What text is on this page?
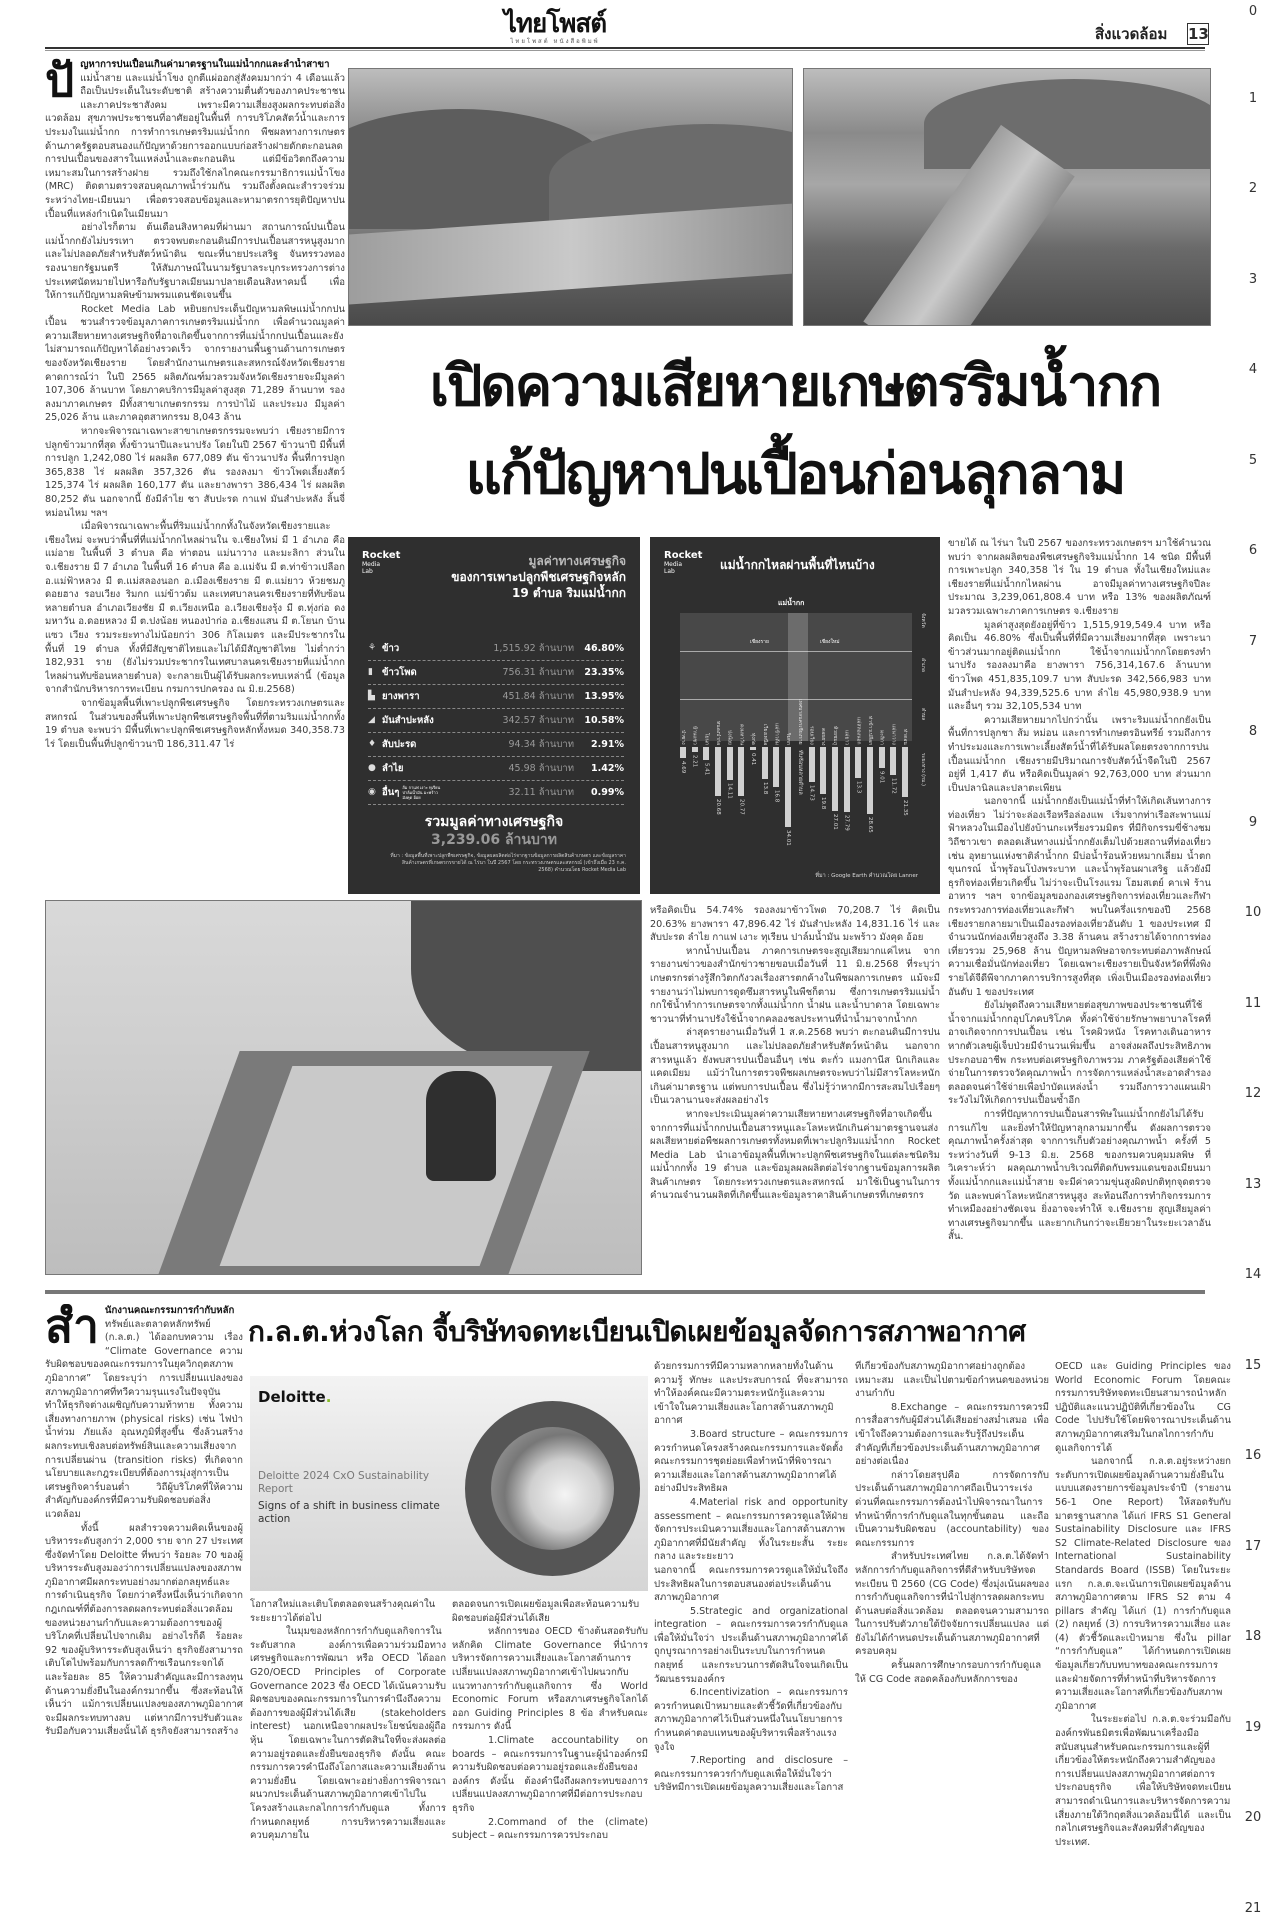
ไทยโพสต์
ไทยโพสต์ หนังสือพิมพ์	สิ่งแวดล้อม 13
0
1
2
3
4
5
6
7
8
9
10
11
12
13
14
15
16
17
18
19
20
21
ปั ญหาการปนเปื้อนเกินค่ามาตรฐานในแม่น้ำกกและลำน้ำสาขา แม่น้ำสาย และแม่น้ำโขง ถูกตีแผ่ออกสู่สังคมมากว่า 4 เดือนแล้ว ถือเป็นประเด็นในระดับชาติ สร้างความตื่นตัวของภาคประชาชนและภาคประชาสังคม เพราะมีความเสี่ยงสูงผลกระทบต่อสิ่งแวดล้อม สุขภาพประชาชนที่อาศัยอยู่ในพื้นที่ การบริโภคสัตว์น้ำและการประมงในแม่น้ำกก การทำการเกษตรริมแม่น้ำกก พืชผลทางการเกษตร ด้านภาครัฐตอบสนองแก้ปัญหาด้วยการออกแบบก่อสร้างฝายดักตะกอนลดการปนเปื้อนของสารในแหล่งน้ำและตะกอนดิน แต่มีข้อวิตกถึงความเหมาะสมในการสร้างฝาย รวมถึงใช้กลไกคณะกรรมาธิการแม่น้ำโขง (MRC) ติดตามตรวจสอบคุณภาพน้ำร่วมกัน รวมถึงตั้งคณะสำรวจร่วมระหว่างไทย-เมียนมา เพื่อตรวจสอบข้อมูลและหามาตรการยุติปัญหาปนเปื้อนที่แหล่งกำเนิดในเมียนมา

อย่างไรก็ตาม ต้นเดือนสิงหาคมที่ผ่านมา สถานการณ์ปนเปื้อนแม่น้ำกกยังไม่บรรเทา ตรวจพบตะกอนดินมีการปนเปื้อนสารหนูสูงมากและไม่ปลอดภัยสำหรับสัตว์หน้าดิน ขณะที่นายประเสริฐ จันทรรวงทอง รองนายกรัฐมนตรี ให้สัมภาษณ์ในนามรัฐบาลระบุกระทรวงการต่างประเทศนัดหมายไปหารือกับรัฐบาลเมียนมาปลายเดือนสิงหาคมนี้ เพื่อให้การแก้ปัญหามลพิษข้ามพรมแดนชัดเจนขึ้น

Rocket Media Lab หยิบยกประเด็นปัญหามลพิษแม่น้ำกกปนเปื้อน ชวนสำรวจข้อมูลภาคการเกษตรริมแม่น้ำกก เพื่อคำนวณมูลค่าความเสียหายทางเศรษฐกิจที่อาจเกิดขึ้นจากการที่แม่น้ำกกปนเปื้อนและยังไม่สามารถแก้ปัญหาได้อย่างรวดเร็ว จากรายงานพื้นฐานด้านการเกษตรของจังหวัดเชียงราย โดยสำนักงานเกษตรและสหกรณ์จังหวัดเชียงราย คาดการณ์ว่า ในปี 2565 ผลิตภัณฑ์มวลรวมจังหวัดเชียงรายจะมีมูลค่า 107,306 ล้านบาท โดยภาคบริการมีมูลค่าสูงสุด 71,289 ล้านบาท รองลงมาภาคเกษตร มีทั้งสาขาเกษตรกรรม การป่าไม้ และประมง มีมูลค่า 25,026 ล้าน และภาคอุตสาหกรรม 8,043 ล้าน

หากจะพิจารณาเฉพาะสาขาเกษตรกรรมจะพบว่า เชียงรายมีการปลูกข้าวมากที่สุด ทั้งข้าวนาปีและนาปรัง โดยในปี 2567 ข้าวนาปี มีพื้นที่การปลูก 1,242,080 ไร่ ผลผลิต 677,089 ตัน ข้าวนาปรัง พื้นที่การปลูก 365,838 ไร่ ผลผลิต 357,326 ตัน รองลงมา ข้าวโพดเลี้ยงสัตว์ 125,374 ไร่ ผลผลิต 160,177 ตัน และยางพารา 386,434 ไร่ ผลผลิต 80,252 ตัน นอกจากนี้ ยังมีลำไย ชา สับปะรด กาแฟ มันสำปะหลัง ลิ้นจี่ หม่อนไหม ฯลฯ

เมื่อพิจารณาเฉพาะพื้นที่ริมแม่น้ำกกทั้งในจังหวัดเชียงรายและเชียงใหม่ จะพบว่าพื้นที่ที่แม่น้ำกกไหลผ่านใน จ.เชียงใหม่ มี 1 อำเภอ คือแม่อาย ในพื้นที่ 3 ตำบล คือ ท่าตอน แม่นาวาง และมะลิกา ส่วนใน จ.เชียงราย มี 7 อำเภอ ในพื้นที่ 16 ตำบล คือ อ.แม่จัน มี ต.ท่าข้าวเปลือก อ.แม่ฟ้าหลวง มี ต.แม่สลองนอก อ.เมืองเชียงราย มี ต.แม่ยาว ห้วยชมภู ดอยฮาง รอบเวียง ริมกก แม่ข้าวต้ม และเทศบาลนครเชียงรายที่ทับซ้อนหลายตำบล อำเภอเวียงชัย มี ต.เวียงเหนือ อ.เวียงเชียงรุ้ง มี ต.ทุ่งก่อ ดงมหาวัน อ.ดอยหลวง มี ต.ปงน้อย หนองป่าก่อ อ.เชียงแสน มี ต.โยนก บ้านแซว เวียง รวมระยะทางไม่น้อยกว่า 306 กิโลเมตร และมีประชากรในพื้นที่ 19 ตำบล ทั้งที่มีสัญชาติไทยและไม่ได้มีสัญชาติไทย ไม่ต่ำกว่า 182,931 ราย (ยังไม่รวมประชากรในเทศบาลนครเชียงรายที่แม่น้ำกกไหลผ่านทับซ้อนหลายตำบล) จะกลายเป็นผู้ได้รับผลกระทบเหล่านี้ (ข้อมูลจากสำนักบริหารการทะเบียน กรมการปกครอง ณ มิ.ย.2568)

จากข้อมูลพื้นที่เพาะปลูกพืชเศรษฐกิจ โดยกระทรวงเกษตรและสหกรณ์ ในส่วนของพื้นที่เพาะปลูกพืชเศรษฐกิจพื้นที่ที่ตามริมแม่น้ำกกทั้ง 19 ตำบล จะพบว่า มีพื้นที่เพาะปลูกพืชเศรษฐกิจหลักทั้งหมด 340,358.73 ไร่ โดยเป็นพื้นที่ปลูกข้าวนาปี 186,311.47 ไร่

เปิดความเสียหายเกษตรริมน้ำกก
แก้ปัญหาปนเปื้อนก่อนลุกลาม
Rocket
Media
Lab
มูลค่าทางเศรษฐกิจ
ของการเพาะปลูกพืชเศรษฐกิจหลัก
19 ตำบล ริมแม่น้ำกก
⚘ ข้าว	1,515.92 ล้านบาท	46.80%
▮ ข้าวโพด	756.31 ล้านบาท	23.35%
▙ ยางพารา	451.84 ล้านบาท	13.95%
◢ มันสำปะหลัง	342.57 ล้านบาท	10.58%
♦ สับปะรด	94.34 ล้านบาท	2.91%
● ลำไย	45.98 ล้านบาท	1.42%
◉ อื่นๆ ส้ม กาแฟ เงาะ ทุเรียน ปาล์มน้ำมัน มะพร้าว มังคุด อ้อย	32.11 ล้านบาท	0.99%
รวมมูลค่าทางเศรษฐกิจ
3,239.06 ล้านบาท
ที่มา : ข้อมูลพื้นที่เพาะปลูกพืชเศรษฐกิจ, ข้อมูลผลผลิตต่อไร่จากฐานข้อมูลการผลิตสินค้าเกษตร และข้อมูลราคาสินค้าเกษตรที่เกษตรกรขายได้ ณ ไร่นา ในปี 2567 โดย กระทรวงเกษตรและสหกรณ์ (เข้าถึงเมื่อ 23 ก.ค. 2568) คำนวณโดย Rocket Media Lab
Rocket
Media
Lab	แม่น้ำกกไหลผ่านพื้นที่ไหนบ้าง
แม่น้ำกก
เชียงราย	เชียงใหม่
จังหวัด
อำเภอ
ตำบล
ระยะทาง (กม.)
ป่าซาง
4.69
บ้านแซว
2.21
โยนก
5.41
หนองป่าก่อ
20.68
ปงน้อย
14.11
ดงมหาวัน
20.77
ทุ่งก่อ
0.41
เวียงเหนือ
13.8
แม่ข้าวต้ม
16.8
ริมกก
34.01
เทศบาลนครเชียงราย
ทับซ้อนหลายตำบล
รอบเวียง
14.73
ดอยฮาง
19.8
ห้วยชมภู
27.01
แม่ยาว
27.79
แม่สลองนอก
13.3
ท่าข้าวเปลือก
28.65
มะลิกา
9.01
แม่นาวาง
11.72
ท่าตอน
21.35
ที่มา : Google Earth คำนวณโดย Lanner

ขายได้ ณ ไร่นา ในปี 2567 ของกระทรวงเกษตรฯ มาใช้คำนวณ พบว่า จากผลผลิตของพืชเศรษฐกิจริมแม่น้ำกก 14 ชนิด มีพื้นที่การเพาะปลูก 340,358 ไร่ ใน 19 ตำบล ทั้งในเชียงใหม่และเชียงรายที่แม่น้ำกกไหลผ่าน อาจมีมูลค่าทางเศรษฐกิจปีละประมาณ 3,239,061,808.4 บาท หรือ 13% ของผลิตภัณฑ์มวลรวมเฉพาะภาคการเกษตร จ.เชียงราย

มูลค่าสูงสุดยังอยู่ที่ข้าว 1,515,919,549.4 บาท หรือคิดเป็น 46.80% ซึ่งเป็นพื้นที่ที่มีความเสี่ยงมากที่สุด เพราะนาข้าวส่วนมากอยู่ติดแม่น้ำกก ใช้น้ำจากแม่น้ำกกโดยตรงทำนาปรัง รองลงมาคือ ยางพารา 756,314,167.6 ล้านบาท ข้าวโพด 451,835,109.7 บาท สับปะรด 342,566,983 บาท มันสำปะหลัง 94,339,525.6 บาท ลำไย 45,980,938.9 บาท และอื่นๆ รวม 32,105,534 บาท

ความเสียหายมากไปกว่านั้น เพราะริมแม่น้ำกกยังเป็นพื้นที่การปลูกชา ส้ม หม่อน และการทำเกษตรอินทรีย์ รวมถึงการทำประมงและการเพาะเลี้ยงสัตว์น้ำที่ได้รับผลโดยตรงจากการปนเปื้อนแม่น้ำกก เชียงรายมีปริมาณการจับสัตว์น้ำจืดในปี 2567 อยู่ที่ 1,417 ตัน หรือคิดเป็นมูลค่า 92,763,000 บาท ส่วนมากเป็นปลานิลและปลาตะเพียน

นอกจากนี้ แม่น้ำกกยังเป็นแม่น้ำที่ทำให้เกิดเส้นทางการท่องเที่ยว ไม่ว่าจะล่องเรือหรือล่องแพ เริ่มจากท่าเรือสะพานแม่ฟ้าหลวงในเมืองไปยังบ้านกะเหรี่ยงรวมมิตร ที่มีกิจกรรมขี่ช้างชมวิถีชาวเขา ตลอดเส้นทางแม่น้ำกกยังเต็มไปด้วยสถานที่ท่องเที่ยว เช่น อุทยานแห่งชาติลำน้ำกก มีบ่อน้ำร้อนห้วยหมากเลี่ยม น้ำตกขุนกรณ์ น้ำพุร้อนโป่งพระบาท และน้ำพุร้อนผาเสริฐ แล้วยังมีธุรกิจท่องเที่ยวเกิดขึ้น ไม่ว่าจะเป็นโรงแรม โฮมสเตย์ คาเฟ่ ร้านอาหาร ฯลฯ จากข้อมูลของกองเศรษฐกิจการท่องเที่ยวและกีฬา กระทรวงการท่องเที่ยวและกีฬา พบในครึ่งแรกของปี 2568 เชียงรายกลายมาเป็นเมืองรองท่องเที่ยวอันดับ 1 ของประเทศ มีจำนวนนักท่องเที่ยวสูงถึง 3.38 ล้านคน สร้างรายได้จากการท่องเที่ยวรวม 25,968 ล้าน ปัญหามลพิษอาจกระทบต่อภาพลักษณ์ ความเชื่อมั่นนักท่องเที่ยว โดยเฉพาะเชียงรายเป็นจังหวัดที่พึ่งพิงรายได้จีดีพีจากภาคการบริการสูงที่สุด เพิ่งเป็นเมืองรองท่องเที่ยวอันดับ 1 ของประเทศ

ยังไม่พูดถึงความเสียหายต่อสุขภาพของประชาชนที่ใช้น้ำจากแม่น้ำกกอุปโภคบริโภค ทั้งค่าใช้จ่ายรักษาพยาบาลโรคที่อาจเกิดจากการปนเปื้อน เช่น โรคผิวหนัง โรคทางเดินอาหาร หากตัวเลขผู้เจ็บป่วยมีจำนวนเพิ่มขึ้น อาจส่งผลถึงประสิทธิภาพประกอบอาชีพ กระทบต่อเศรษฐกิจภาพรวม ภาครัฐต้องเสียค่าใช้จ่ายในการตรวจวัดคุณภาพน้ำ การจัดการแหล่งน้ำสะอาดสำรอง ตลอดจนค่าใช้จ่ายเพื่อบำบัดแหล่งน้ำ รวมถึงการวางแผนเฝ้าระวังไม่ให้เกิดการปนเปื้อนซ้ำอีก

การที่ปัญหาการปนเปื้อนสารพิษในแม่น้ำกกยังไม่ได้รับการแก้ไข และยิ่งทำให้ปัญหาลุกลามมากขึ้น ดังผลการตรวจคุณภาพน้ำครั้งล่าสุด จากการเก็บตัวอย่างคุณภาพน้ำ ครั้งที่ 5 ระหว่างวันที่ 9-13 มิ.ย. 2568 ของกรมควบคุมมลพิษ ที่วิเคราะห์ว่า ผลคุณภาพน้ำบริเวณที่ติดกับพรมแดนของเมียนมา ทั้งแม่น้ำกกและแม่น้ำสาย จะมีค่าความขุ่นสูงผิดปกติทุกจุดตรวจวัด และพบค่าโลหะหนักสารหนูสูง สะท้อนถึงการทำกิจกรรมการทำเหมืองอย่างชัดเจน ยิ่งอาจจะทำให้ จ.เชียงราย สูญเสียมูลค่าทางเศรษฐกิจมากขึ้น และยากเกินกว่าจะเยียวยาในระยะเวลาอันสั้น.

หรือคิดเป็น 54.74% รองลงมาข้าวโพด 70,208.7 ไร่ คิดเป็น 20.63% ยางพารา 47,896.42 ไร่ มันสำปะหลัง 14,831.16 ไร่ และสับปะรด ลำไย กาแฟ เงาะ ทุเรียน ปาล์มน้ำมัน มะพร้าว มังคุด อ้อย

หากน้ำปนเปื้อน ภาคการเกษตรจะสูญเสียมากแค่ไหน จากรายงานข่าวของสำนักข่าวชายขอบเมื่อวันที่ 11 มิ.ย.2568 ที่ระบุว่า เกษตรกรต่างรู้สึกวิตกกังวลเรื่องสารตกค้างในพืชผลการเกษตร แม้จะมีรายงานว่าไม่พบการดูดซึมสารหนูในพืชก็ตาม ซึ่งการเกษตรริมแม่น้ำกกใช้น้ำทำการเกษตรจากทั้งแม่น้ำกก น้ำฝน และน้ำบาดาล โดยเฉพาะชาวนาที่ทำนาปรังใช้น้ำจากคลองชลประทานที่นำน้ำมาจากน้ำกก

ล่าสุดรายงานเมื่อวันที่ 1 ส.ค.2568 พบว่า ตะกอนดินมีการปนเปื้อนสารหนูสูงมาก และไม่ปลอดภัยสำหรับสัตว์หน้าดิน นอกจากสารหนูแล้ว ยังพบสารปนเปื้อนอื่นๆ เช่น ตะกั่ว แมงกานีส นิกเกิลและแคดเมียม แม้ว่าในการตรวจพืชผลเกษตรจะพบว่าไม่มีสารโลหะหนักเกินค่ามาตรฐาน แต่พบการปนเปื้อน ซึ่งไม่รู้ว่าหากมีการสะสมไปเรื่อยๆ เป็นเวลานานจะส่งผลอย่างไร

หากจะประเมินมูลค่าความเสียหายทางเศรษฐกิจที่อาจเกิดขึ้นจากการที่แม่น้ำกกปนเปื้อนสารหนูและโลหะหนักเกินค่ามาตรฐานจนส่งผลเสียหายต่อพืชผลการเกษตรทั้งหมดที่เพาะปลูกริมแม่น้ำกก Rocket Media Lab นำเอาข้อมูลพื้นที่เพาะปลูกพืชเศรษฐกิจในแต่ละชนิดริมแม่น้ำกกทั้ง 19 ตำบล และข้อมูลผลผลิตต่อไร่จากฐานข้อมูลการผลิตสินค้าเกษตร โดยกระทรวงเกษตรและสหกรณ์ มาใช้เป็นฐานในการคำนวณจำนวนผลิตที่เกิดขึ้นและข้อมูลราคาสินค้าเกษตรที่เกษตรกร

ก.ล.ต.ห่วงโลก จี้บริษัทจดทะเบียนเปิดเผยข้อมูลจัดการสภาพอากาศ
สำ นักงานคณะกรรมการกำกับหลัก ทรัพย์และตลาดหลักทรัพย์ (ก.ล.ต.) ได้ออกบทความ เรื่อง “Climate Governance ความรับผิดชอบของคณะกรรมการในยุควิกฤตสภาพภูมิอากาศ” โดยระบุว่า การเปลี่ยนแปลงของสภาพภูมิอากาศที่ทวีความรุนแรงในปัจจุบันทำให้ธุรกิจต่างเผชิญกับความท้าทาย ทั้งความเสี่ยงทางกายภาพ (physical risks) เช่น ไฟป่า น้ำท่วม ภัยแล้ง อุณหภูมิที่สูงขึ้น ซึ่งล้วนสร้างผลกระทบเชิงลบต่อทรัพย์สินและความเสี่ยงจากการเปลี่ยนผ่าน (transition risks) ที่เกิดจากนโยบายและกฎระเบียบที่ต้องการมุ่งสู่การเป็นเศรษฐกิจคาร์บอนต่ำ วิถีผู้บริโภคที่ให้ความสำคัญกับองค์กรที่มีความรับผิดชอบต่อสิ่งแวดล้อม

ทั้งนี้ ผลสำรวจความคิดเห็นของผู้บริหารระดับสูงกว่า 2,000 ราย จาก 27 ประเทศ ซึ่งจัดทำโดย Deloitte ที่พบว่า ร้อยละ 70 ของผู้บริหารระดับสูงมองว่าการเปลี่ยนแปลงของสภาพภูมิอากาศมีผลกระทบอย่างมากต่อกลยุทธ์และการดำเนินธุรกิจ โดยกว่าครึ่งหนึ่งเห็นว่าเกิดจากกฎเกณฑ์ที่ต้องการลดผลกระทบต่อสิ่งแวดล้อมของหน่วยงานกำกับและความต้องการของผู้บริโภคที่เปลี่ยนไปจากเดิม อย่างไรก็ดี ร้อยละ 92 ของผู้บริหารระดับสูงเห็นว่า ธุรกิจยังสามารถเติบโตไปพร้อมกับการลดก๊าซเรือนกระจกได้ และร้อยละ 85 ให้ความสำคัญและมีการลงทุนด้านความยั่งยืนในองค์กรมากขึ้น ซึ่งสะท้อนให้เห็นว่า แม้การเปลี่ยนแปลงของสภาพภูมิอากาศจะมีผลกระทบทางลบ แต่หากมีการปรับตัวและรับมือกับความเสี่ยงนั้นได้ ธุรกิจยังสามารถสร้าง

Deloitte.
Deloitte 2024 CxO Sustainability Report
Signs of a shift in business climate action

โอกาสใหม่และเติบโตตลอดจนสร้างคุณค่าในระยะยาวได้ต่อไป

ในมุมของหลักการกำกับดูแลกิจการในระดับสากล องค์การเพื่อความร่วมมือทางเศรษฐกิจและการพัฒนา หรือ OECD ได้ออก G20/OECD Principles of Corporate Governance 2023 ซึ่ง OECD ได้เน้นความรับผิดชอบของคณะกรรมการในการคำนึงถึงความต้องการของผู้มีส่วนได้เสีย (stakeholders interest) นอกเหนือจากผลประโยชน์ของผู้ถือหุ้น โดยเฉพาะในการตัดสินใจที่จะส่งผลต่อความอยู่รอดและยั่งยืนของธุรกิจ ดังนั้น คณะกรรมการควรคำนึงถึงโอกาสและความเสี่ยงด้านความยั่งยืน โดยเฉพาะอย่างยิ่งการพิจารณาผนวกประเด็นด้านสภาพภูมิอากาศเข้าไปในโครงสร้างและกลไกการกำกับดูแล ทั้งการกำหนดกลยุทธ์ การบริหารความเสี่ยงและควบคุมภายใน

ตลอดจนการเปิดเผยข้อมูลเพื่อสะท้อนความรับผิดชอบต่อผู้มีส่วนได้เสีย

หลักการของ OECD ข้างต้นสอดรับกับหลักคิด Climate Governance ที่นำการบริหารจัดการความเสี่ยงและโอกาสด้านการเปลี่ยนแปลงสภาพภูมิอากาศเข้าไปผนวกกับแนวทางการกำกับดูแลกิจการ ซึ่ง World Economic Forum หรือสภาเศรษฐกิจโลกได้ออก Guiding Principles 8 ข้อ สำหรับคณะกรรมการ ดังนี้

1.Climate accountability on boards – คณะกรรมการในฐานะผู้นำองค์กรมีความรับผิดชอบต่อความอยู่รอดและยั่งยืนขององค์กร ดังนั้น ต้องคำนึงถึงผลกระทบของการเปลี่ยนแปลงสภาพภูมิอากาศที่มีต่อการประกอบธุรกิจ

2.Command of the (climate) subject – คณะกรรมการควรประกอบ

ด้วยกรรมการที่มีความหลากหลายทั้งในด้านความรู้ ทักษะ และประสบการณ์ ที่จะสามารถทำให้องค์คณะมีความตระหนักรู้และความเข้าใจในความเสี่ยงและโอกาสด้านสภาพภูมิอากาศ

3.Board structure – คณะกรรมการควรกำหนดโครงสร้างคณะกรรมการและจัดตั้งคณะกรรมการชุดย่อยเพื่อทำหน้าที่พิจารณาความเสี่ยงและโอกาสด้านสภาพภูมิอากาศได้อย่างมีประสิทธิผล

4.Material risk and opportunity assessment – คณะกรรมการควรดูแลให้ฝ่ายจัดการประเมินความเสี่ยงและโอกาสด้านสภาพภูมิอากาศที่มีนัยสำคัญ ทั้งในระยะสั้น ระยะกลาง และระยะยาว

นอกจากนี้ คณะกรรมการควรดูแลให้มั่นใจถึงประสิทธิผลในการตอบสนองต่อประเด็นด้านสภาพภูมิอากาศ

5.Strategic and organizational integration – คณะกรรมการควรกำกับดูแลเพื่อให้มั่นใจว่า ประเด็นด้านสภาพภูมิอากาศได้ถูกบูรณาการอย่างเป็นระบบในการกำหนดกลยุทธ์ และกระบวนการตัดสินใจจนเกิดเป็นวัฒนธรรมองค์กร

6.Incentivization – คณะกรรมการควรกำหนดเป้าหมายและตัวชี้วัดที่เกี่ยวข้องกับสภาพภูมิอากาศไว้เป็นส่วนหนึ่งในนโยบายการกำหนดค่าตอบแทนของผู้บริหารเพื่อสร้างแรงจูงใจ

7.Reporting and disclosure – คณะกรรมการควรกำกับดูแลเพื่อให้มั่นใจว่าบริษัทมีการเปิดเผยข้อมูลความเสี่ยงและโอกาส

ที่เกี่ยวข้องกับสภาพภูมิอากาศอย่างถูกต้อง เหมาะสม และเป็นไปตามข้อกำหนดของหน่วยงานกำกับ

8.Exchange – คณะกรรมการควรมีการสื่อสารกับผู้มีส่วนได้เสียอย่างสม่ำเสมอ เพื่อเข้าใจถึงความต้องการและรับรู้ถึงประเด็นสำคัญที่เกี่ยวข้องประเด็นด้านสภาพภูมิอากาศอย่างต่อเนื่อง

กล่าวโดยสรุปคือ การจัดการกับประเด็นด้านสภาพภูมิอากาศถือเป็นวาระเร่งด่วนที่คณะกรรมการต้องนำไปพิจารณาในการทำหน้าที่การกำกับดูแลในทุกขั้นตอน และถือเป็นความรับผิดชอบ (accountability) ของคณะกรรมการ

สำหรับประเทศไทย ก.ล.ต.ได้จัดทำหลักการกำกับดูแลกิจการที่ดีสำหรับบริษัทจดทะเบียน ปี 2560 (CG Code) ซึ่งมุ่งเน้นผลของการกำกับดูแลกิจการที่นำไปสู่การลดผลกระทบด้านลบต่อสิ่งแวดล้อม ตลอดจนความสามารถในการปรับตัวภายใต้ปัจจัยการเปลี่ยนแปลง แต่ยังไม่ได้กำหนดประเด็นด้านสภาพภูมิอากาศที่ครอบคลุม

ครั้นผลการศึกษากรอบการกำกับดูแลให้ CG Code สอดคล้องกับหลักการของ

OECD และ Guiding Principles ของ World Economic Forum โดยคณะกรรมการบริษัทจดทะเบียนสามารถนำหลักปฏิบัติและแนวปฏิบัติที่เกี่ยวข้องใน CG Code ไปปรับใช้โดยพิจารณาประเด็นด้านสภาพภูมิอากาศเสริมในกลไกการกำกับดูแลกิจการได้

นอกจากนี้ ก.ล.ต.อยู่ระหว่างยกระดับการเปิดเผยข้อมูลด้านความยั่งยืนในแบบแสดงรายการข้อมูลประจำปี (รายงาน 56-1 One Report) ให้สอดรับกับมาตรฐานสากล ได้แก่ IFRS S1 General Sustainability Disclosure และ IFRS S2 Climate-Related Disclosure ของ International Sustainability Standards Board (ISSB) โดยในระยะแรก ก.ล.ต.จะเน้นการเปิดเผยข้อมูลด้านสภาพภูมิอากาศตาม IFRS S2 ตาม 4 pillars สำคัญ ได้แก่ (1) การกำกับดูแล (2) กลยุทธ์ (3) การบริหารความเสี่ยง และ (4) ตัวชี้วัดและเป้าหมาย ซึ่งใน pillar “การกำกับดูแล” ได้กำหนดการเปิดเผยข้อมูลเกี่ยวกับบทบาทของคณะกรรมการและฝ่ายจัดการที่ทำหน้าที่บริหารจัดการความเสี่ยงและโอกาสที่เกี่ยวข้องกับสภาพภูมิอากาศ

ในระยะต่อไป ก.ล.ต.จะร่วมมือกับองค์กรพันธมิตรเพื่อพัฒนาเครื่องมือสนับสนุนสำหรับคณะกรรมการและผู้ที่เกี่ยวข้องให้ตระหนักถึงความสำคัญของการเปลี่ยนแปลงสภาพภูมิอากาศต่อการประกอบธุรกิจ เพื่อให้บริษัทจดทะเบียนสามารถดำเนินการและบริหารจัดการความเสี่ยงภายใต้วิกฤตสิ่งแวดล้อมนี้ได้ และเป็นกลไกเศรษฐกิจและสังคมที่สำคัญของประเทศ.
